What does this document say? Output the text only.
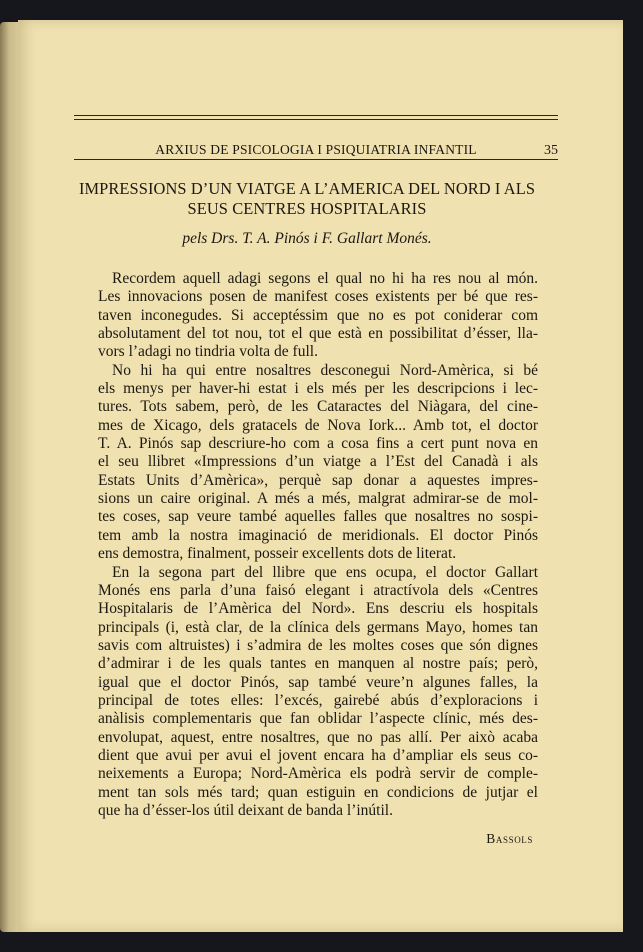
ARXIUS DE PSICOLOGIA I PSIQUIATRIA INFANTIL	35
IMPRESSIONS D’UN VIATGE A L’AMERICA DEL NORD I ALS
SEUS CENTRES HOSPITALARIS
pels Drs. T. A. Pinós i F. Gallart Monés.
Recordem aquell adagi segons el qual no hi ha res nou al món.
Les innovacions posen de manifest coses existents per bé que res-
taven inconegudes. Si acceptéssim que no es pot coniderar com
absolutament del tot nou, tot el que està en possibilitat d’ésser, lla-
vors l’adagi no tindria volta de full.
No hi ha qui entre nosaltres desconegui Nord-Amèrica, si bé
els menys per haver-hi estat i els més per les descripcions i lec-
tures. Tots sabem, però, de les Cataractes del Niàgara, del cine-
mes de Xicago, dels gratacels de Nova Iork... Amb tot, el doctor
T. A. Pinós sap descriure-ho com a cosa fins a cert punt nova en
el seu llibret «Impressions d’un viatge a l’Est del Canadà i als
Estats Units d’Amèrica», perquè sap donar a aquestes impres-
sions un caire original. A més a més, malgrat admirar-se de mol-
tes coses, sap veure també aquelles falles que nosaltres no sospi-
tem amb la nostra imaginació de meridionals. El doctor Pinós
ens demostra, finalment, posseir excellents dots de literat.
En la segona part del llibre que ens ocupa, el doctor Gallart
Monés ens parla d’una faisó elegant i atractívola dels «Centres
Hospitalaris de l’Amèrica del Nord». Ens descriu els hospitals
principals (i, està clar, de la clínica dels germans Mayo, homes tan
savis com altruistes) i s’admira de les moltes coses que són dignes
d’admirar i de les quals tantes en manquen al nostre país; però,
igual que el doctor Pinós, sap també veure’n algunes falles, la
principal de totes elles: l’excés, gairebé abús d’exploracions i
anàlisis complementaris que fan oblidar l’aspecte clínic, més des-
envolupat, aquest, entre nosaltres, que no pas allí. Per això acaba
dient que avui per avui el jovent encara ha d’ampliar els seus co-
neixements a Europa; Nord-Amèrica els podrà servir de comple-
ment tan sols més tard; quan estiguin en condicions de jutjar el
que ha d’ésser-los útil deixant de banda l’inútil.
Bassols
